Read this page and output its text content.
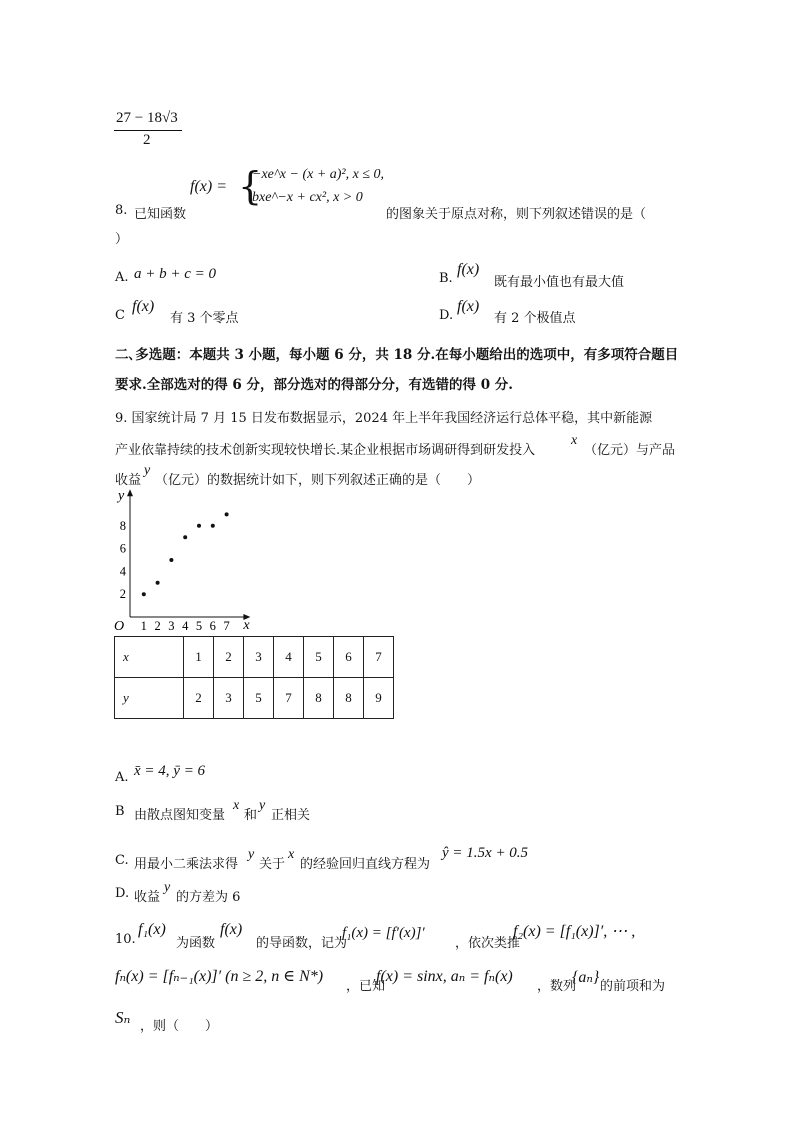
27 − 18√3
2
f(x) = {
−xe^x − (x + a)², x ≤ 0,
bxe^−x + cx², x > 0
8. 已知函数	的图象关于原点对称，则下列叙述错误的是（
）
A. a + b + c = 0	B.
f(x)
既有最小值也有最大值
C
f(x)
有 3 个零点	D.
f(x)
有 2 个极值点
二､多选题：本题共 3 小题，每小题 6 分，共 18 分.在每小题给出的选项中，有多项符合题目
要求.全部选对的得 6 分，部分选对的得部分分，有选错的得 0 分.
9. 国家统计局 7 月 15 日发布数据显示，2024 年上半年我国经济运行总体平稳，其中新能源
产业依靠持续的技术创新实现较快增长.某企业根据市场调研得到研发投入
x
（亿元）与产品
收益
y
（亿元）的数据统计如下，则下列叙述正确的是（　　）
x
y
O 1 2 3 4 5 6 7
2
4
6
8
x	1	2	3	4	5	6	7
y	2	3	5	7	8	8	9
A. x̄ = 4, ȳ = 6
B 由散点图知变量
x
和
y
正相关
C. 用最小二乘法求得
y
关于
x
的经验回归直线方程为
ŷ = 1.5x + 0.5
D. 收益
y
的方差为 6
10.
f₁(x)
为函数
f(x)
的导函数，记为
f₁(x) = [f′(x)]′
，依次类推
f₂(x) = [f₁(x)]′, ⋯ ,
fₙ(x) = [fₙ₋₁(x)]′ (n ≥ 2, n ∈ N*)
，已知
f(x) = sinx, aₙ = fₙ(x)
，数列
{aₙ}
的前项和为
Sₙ ，则（　　）
